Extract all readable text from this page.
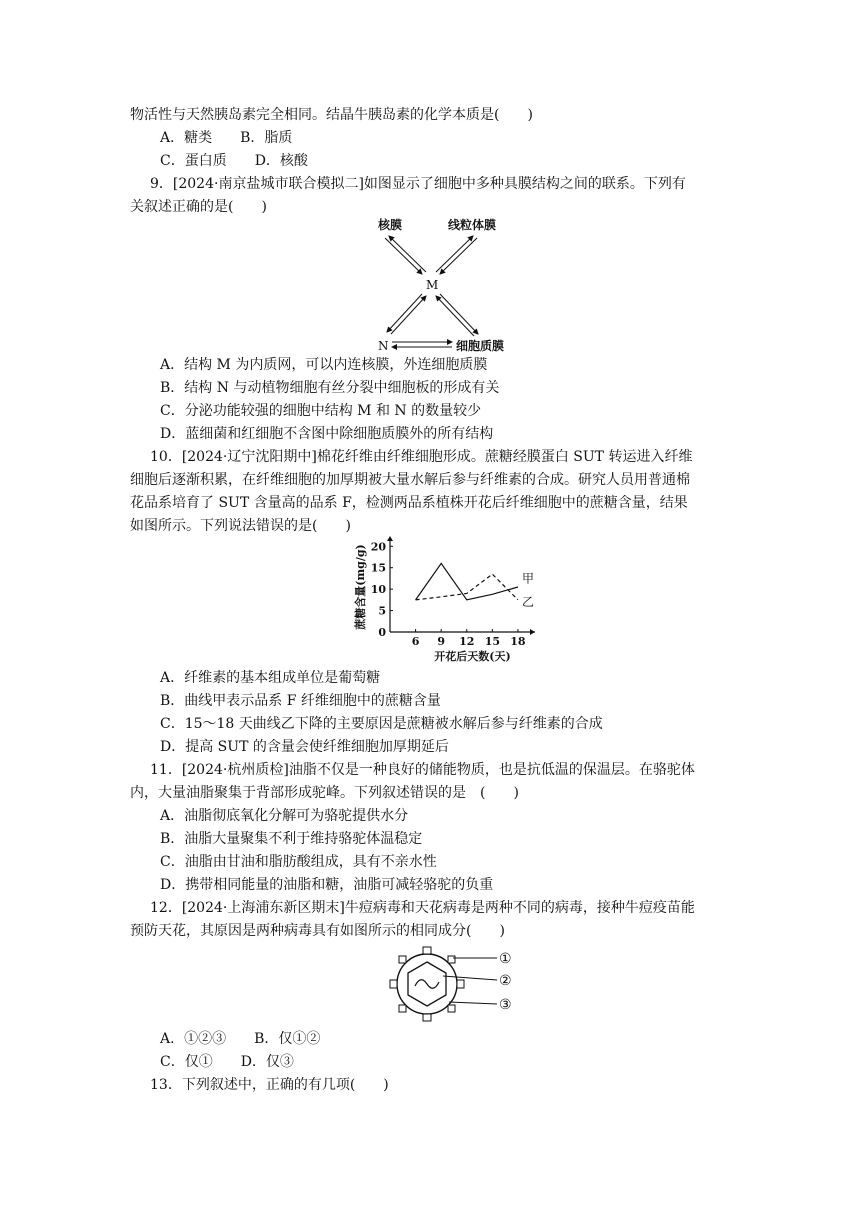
物活性与天然胰岛素完全相同。结晶牛胰岛素的化学本质是(　　)
A．糖类　　B．脂质
C．蛋白质　　D．核酸
9．[2024·南京盐城市联合模拟二]如图显示了细胞中多种具膜结构之间的联系。下列有
关叙述正确的是(　　)
核膜	线粒体膜
M
N	细胞质膜
A．结构 M 为内质网，可以内连核膜，外连细胞质膜
B．结构 N 与动植物细胞有丝分裂中细胞板的形成有关
C．分泌功能较强的细胞中结构 M 和 N 的数量较少
D．蓝细菌和红细胞不含图中除细胞质膜外的所有结构
10．[2024·辽宁沈阳期中]棉花纤维由纤维细胞形成。蔗糖经膜蛋白 SUT 转运进入纤维
细胞后逐渐积累，在纤维细胞的加厚期被大量水解后参与纤维素的合成。研究人员用普通棉
花品系培育了 SUT 含量高的品系 F，检测两品系植株开花后纤维细胞中的蔗糖含量，结果
如图所示。下列说法错误的是(　　)
0
5
10
15
20
6 9 12 15 18
开花后天数(天)
蔗糖含量(mg/g)	甲
乙
A．纤维素的基本组成单位是葡萄糖
B．曲线甲表示品系 F 纤维细胞中的蔗糖含量
C．15～18 天曲线乙下降的主要原因是蔗糖被水解后参与纤维素的合成
D．提高 SUT 的含量会使纤维细胞加厚期延后
11．[2024·杭州质检]油脂不仅是一种良好的储能物质，也是抗低温的保温层。在骆驼体
内，大量油脂聚集于背部形成驼峰。下列叙述错误的是　(　　)
A．油脂彻底氧化分解可为骆驼提供水分
B．油脂大量聚集不利于维持骆驼体温稳定
C．油脂由甘油和脂肪酸组成，具有不亲水性
D．携带相同能量的油脂和糖，油脂可减轻骆驼的负重
12．[2024·上海浦东新区期末]牛痘病毒和天花病毒是两种不同的病毒，接种牛痘疫苗能
预防天花，其原因是两种病毒具有如图所示的相同成分(　　)
①
②
③
A．①②③　　B．仅①②
C．仅①　　D．仅③
13．下列叙述中，正确的有几项(　　)
